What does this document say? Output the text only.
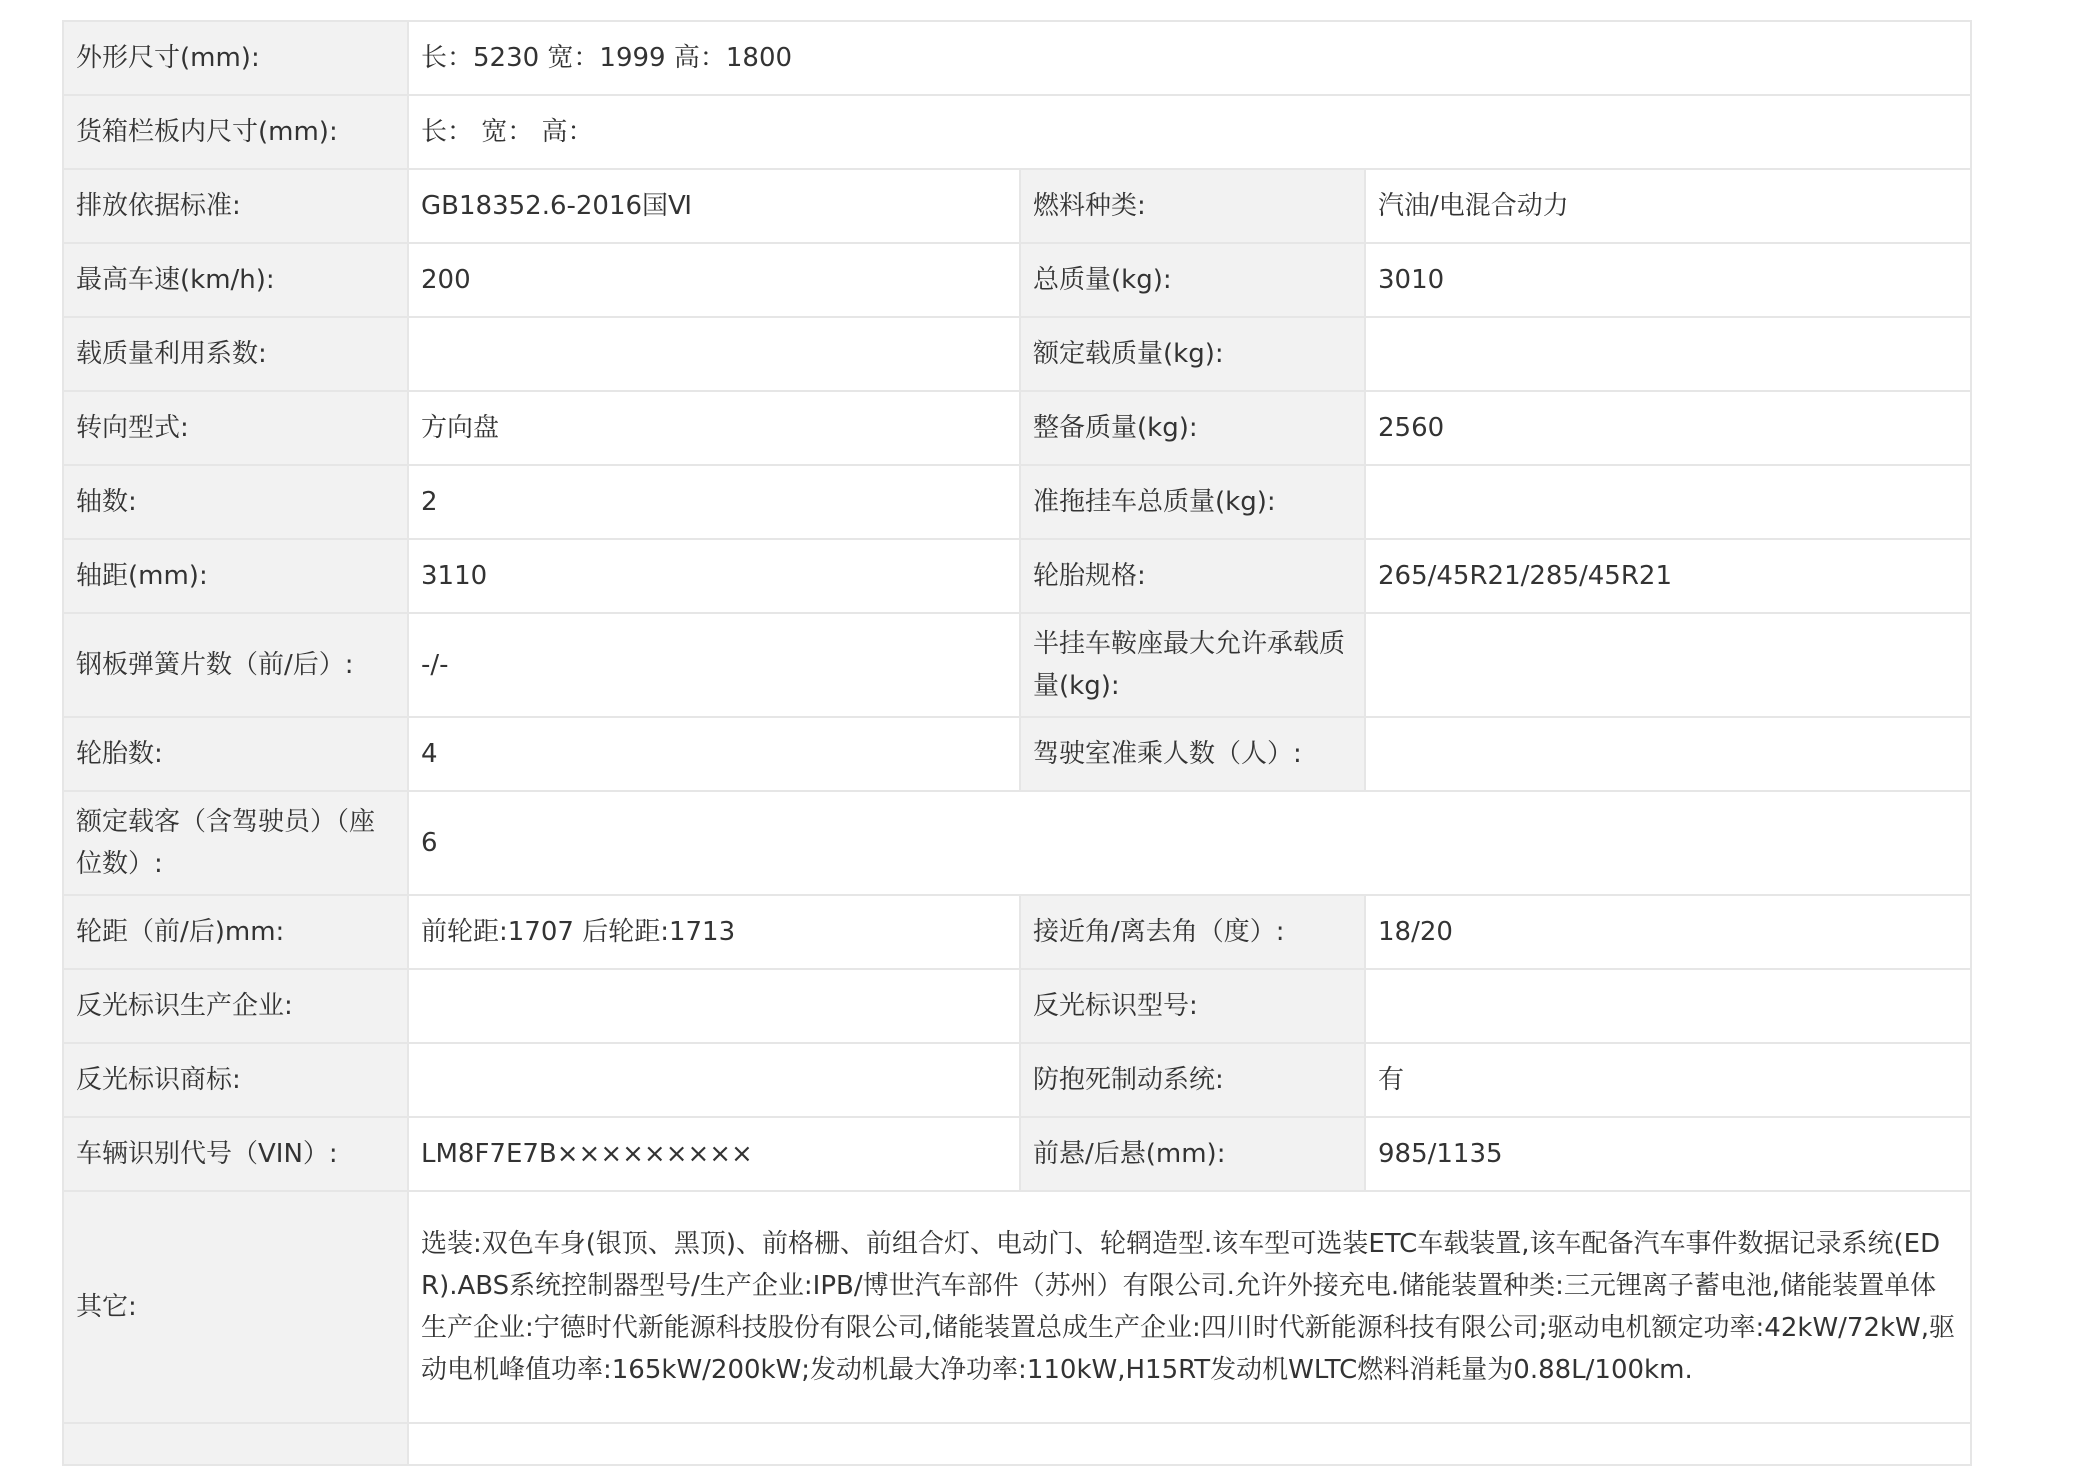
外形尺寸(mm):	长：5230 宽：1999 高：1800		
货箱栏板内尺寸(mm):	长： 宽： 高：		
排放依据标准:	GB18352.6-2016国Ⅵ	燃料种类:	汽油/电混合动力
最高车速(km/h):	200	总质量(kg):	3010
载质量利用系数:		额定载质量(kg):	
转向型式:	方向盘	整备质量(kg):	2560
轴数:	2	准拖挂车总质量(kg):	
轴距(mm):	3110	轮胎规格:	265/45R21/285/45R21
钢板弹簧片数（前/后）:	-/-	半挂车鞍座最大允许承载质量(kg):	
轮胎数:	4	驾驶室准乘人数（人）:	
额定载客（含驾驶员）（座位数）:	6		
轮距（前/后)mm:	前轮距:1707 后轮距:1713	接近角/离去角（度）:	18/20
反光标识生产企业:		反光标识型号:	
反光标识商标:		防抱死制动系统:	有
车辆识别代号（VIN）:	LM8F7E7B×××××××××	前悬/后悬(mm):	985/1135
其它:	选装:双色车身(银顶、黑顶)、前格栅、前组合灯、电动门、轮辋造型.该车型可选装ETC车载装置,该车配备汽车事件数据记录系统(EDR).ABS系统控制器型号/生产企业:IPB/博世汽车部件（苏州）有限公司.允许外接充电.储能装置种类:三元锂离子蓄电池,储能装置单体生产企业:宁德时代新能源科技股份有限公司,储能装置总成生产企业:四川时代新能源科技有限公司;驱动电机额定功率:42kW/72kW,驱动电机峰值功率:165kW/200kW;发动机最大净功率:110kW,H15RT发动机WLTC燃料消耗量为0.88L/100km.		
